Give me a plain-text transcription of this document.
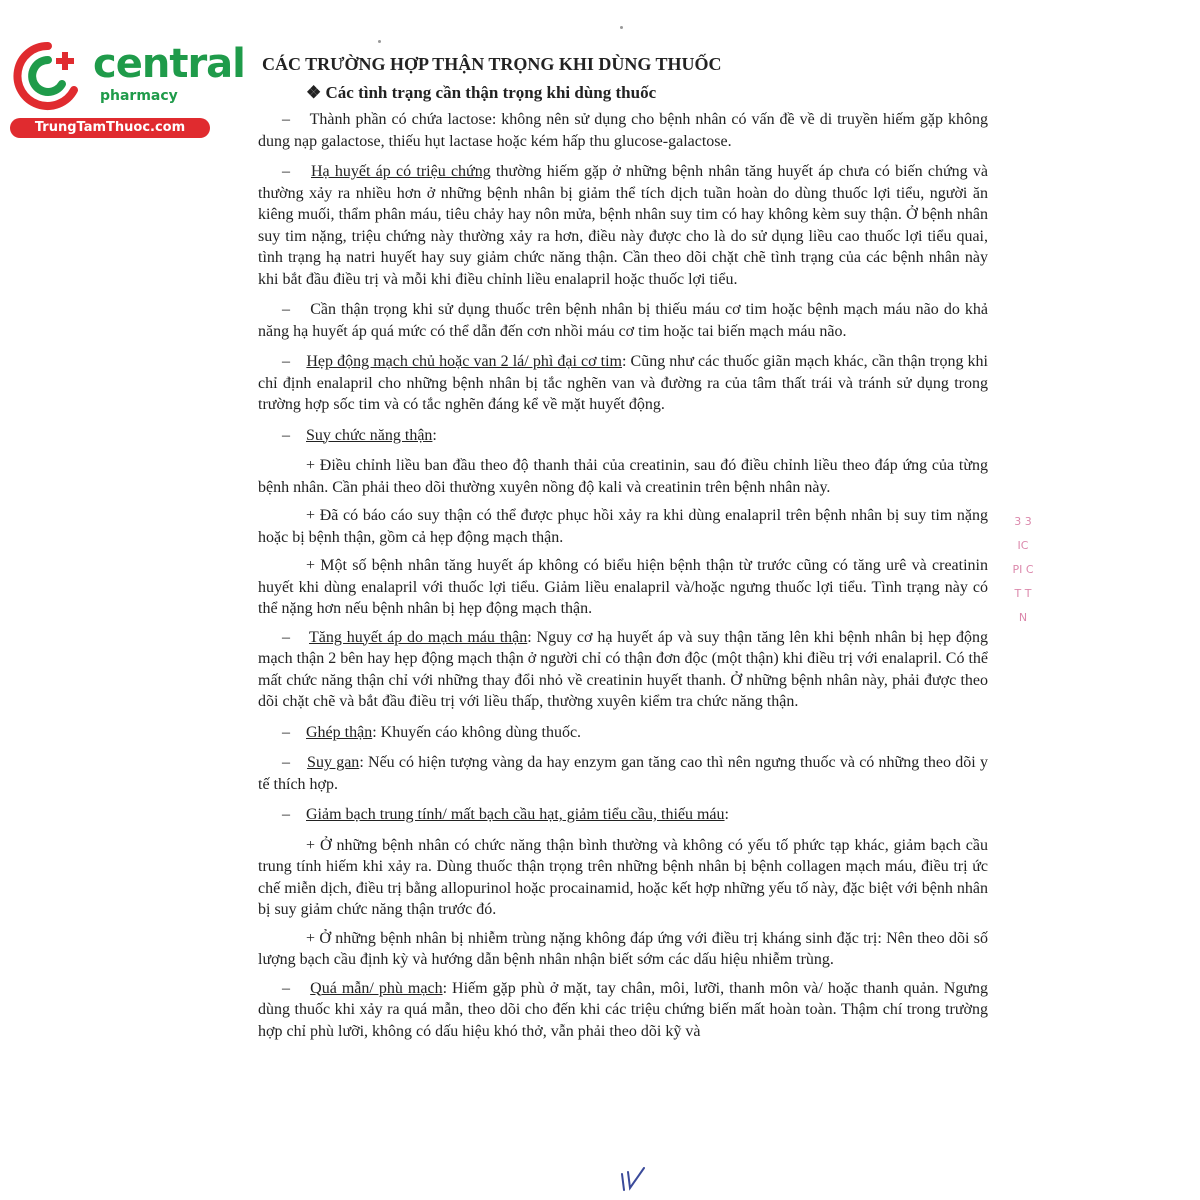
central
pharmacy
TrungTamThuoc.com
CÁC TRƯỜNG HỢP THẬN TRỌNG KHI DÙNG THUỐC
❖ Các tình trạng cần thận trọng khi dùng thuốc

– Thành phần có chứa lactose: không nên sử dụng cho bệnh nhân có vấn đề về di truyền hiếm gặp không dung nạp galactose, thiếu hụt lactase hoặc kém hấp thu glucose-galactose.

– Hạ huyết áp có triệu chứng thường hiếm gặp ở những bệnh nhân tăng huyết áp chưa có biến chứng và thường xảy ra nhiều hơn ở những bệnh nhân bị giảm thể tích dịch tuần hoàn do dùng thuốc lợi tiểu, người ăn kiêng muối, thẩm phân máu, tiêu chảy hay nôn mửa, bệnh nhân suy tim có hay không kèm suy thận. Ở bệnh nhân suy tim nặng, triệu chứng này thường xảy ra hơn, điều này được cho là do sử dụng liều cao thuốc lợi tiểu quai, tình trạng hạ natri huyết hay suy giảm chức năng thận. Cần theo dõi chặt chẽ tình trạng của các bệnh nhân này khi bắt đầu điều trị và mỗi khi điều chỉnh liều enalapril hoặc thuốc lợi tiểu.

– Cần thận trọng khi sử dụng thuốc trên bệnh nhân bị thiếu máu cơ tim hoặc bệnh mạch máu não do khả năng hạ huyết áp quá mức có thể dẫn đến cơn nhồi máu cơ tim hoặc tai biến mạch máu não.

– Hẹp động mạch chủ hoặc van 2 lá/ phì đại cơ tim: Cũng như các thuốc giãn mạch khác, cần thận trọng khi chỉ định enalapril cho những bệnh nhân bị tắc nghẽn van và đường ra của tâm thất trái và tránh sử dụng trong trường hợp sốc tim và có tắc nghẽn đáng kể về mặt huyết động.

– Suy chức năng thận:

+ Điều chỉnh liều ban đầu theo độ thanh thải của creatinin, sau đó điều chỉnh liều theo đáp ứng của từng bệnh nhân. Cần phải theo dõi thường xuyên nồng độ kali và creatinin trên bệnh nhân này.

+ Đã có báo cáo suy thận có thể được phục hồi xảy ra khi dùng enalapril trên bệnh nhân bị suy tim nặng hoặc bị bệnh thận, gồm cả hẹp động mạch thận.

+ Một số bệnh nhân tăng huyết áp không có biểu hiện bệnh thận từ trước cũng có tăng urê và creatinin huyết khi dùng enalapril với thuốc lợi tiểu. Giảm liều enalapril và/hoặc ngưng thuốc lợi tiểu. Tình trạng này có thể nặng hơn nếu bệnh nhân bị hẹp động mạch thận.

– Tăng huyết áp do mạch máu thận: Nguy cơ hạ huyết áp và suy thận tăng lên khi bệnh nhân bị hẹp động mạch thận 2 bên hay hẹp động mạch thận ở người chỉ có thận đơn độc (một thận) khi điều trị với enalapril. Có thể mất chức năng thận chỉ với những thay đổi nhỏ về creatinin huyết thanh. Ở những bệnh nhân này, phải được theo dõi chặt chẽ và bắt đầu điều trị với liều thấp, thường xuyên kiểm tra chức năng thận.

– Ghép thận: Khuyến cáo không dùng thuốc.

– Suy gan: Nếu có hiện tượng vàng da hay enzym gan tăng cao thì nên ngưng thuốc và có những theo dõi y tế thích hợp.

– Giảm bạch trung tính/ mất bạch cầu hạt, giảm tiểu cầu, thiếu máu:

+ Ở những bệnh nhân có chức năng thận bình thường và không có yếu tố phức tạp khác, giảm bạch cầu trung tính hiếm khi xảy ra. Dùng thuốc thận trọng trên những bệnh nhân bị bệnh collagen mạch máu, điều trị ức chế miễn dịch, điều trị bằng allopurinol hoặc procainamid, hoặc kết hợp những yếu tố này, đặc biệt với bệnh nhân bị suy giảm chức năng thận trước đó.

+ Ở những bệnh nhân bị nhiễm trùng nặng không đáp ứng với điều trị kháng sinh đặc trị: Nên theo dõi số lượng bạch cầu định kỳ và hướng dẫn bệnh nhân nhận biết sớm các dấu hiệu nhiễm trùng.

– Quá mẫn/ phù mạch: Hiếm gặp phù ở mặt, tay chân, môi, lưỡi, thanh môn và/ hoặc thanh quản. Ngưng dùng thuốc khi xảy ra quá mẫn, theo dõi cho đến khi các triệu chứng biến mất hoàn toàn. Thậm chí trong trường hợp chỉ phù lưỡi, không có dấu hiệu khó thở, vẫn phải theo dõi kỹ và

3 3 IC PI C T T N
